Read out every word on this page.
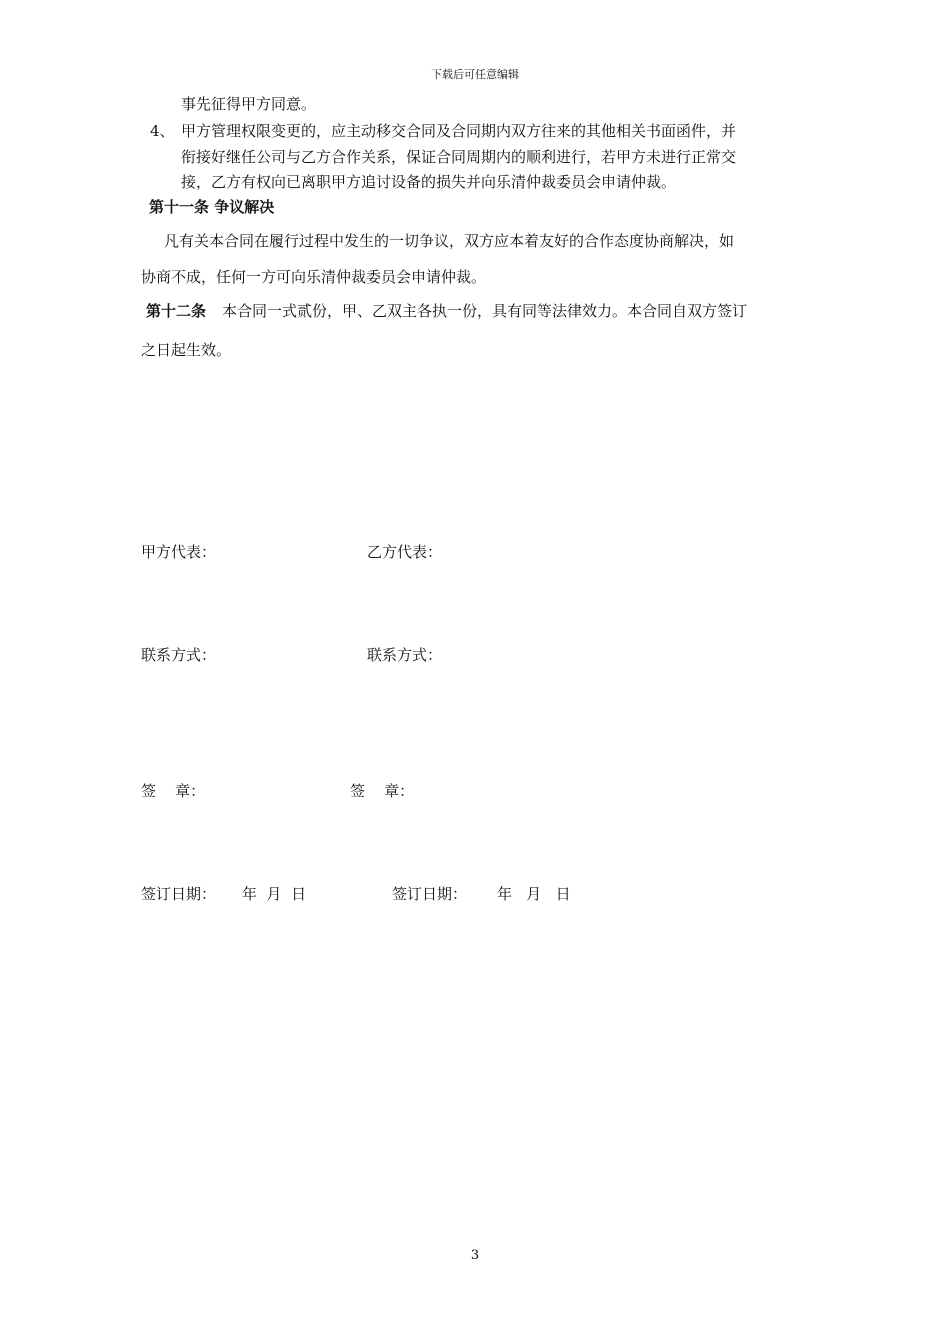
下载后可任意编辑
事先征得甲方同意。
4、 甲方管理权限变更的，应主动移交合同及合同期内双方往来的其他相关书面函件，并
衔接好继任公司与乙方合作关系，保证合同周期内的顺利进行，若甲方未进行正常交
接，乙方有权向已离职甲方追讨设备的损失并向乐清仲裁委员会申请仲裁。
第十一条 争议解决
凡有关本合同在履行过程中发生的一切争议，双方应本着友好的合作态度协商解决，如
协商不成，任何一方可向乐清仲裁委员会申请仲裁。
第十二条 本合同一式贰份，甲、乙双主各执一份，具有同等法律效力。本合同自双方签订
之日起生效。
甲方代表：	乙方代表：
联系方式：	联系方式：
签    章：	签    章：
签订日期： 年  月  日	签订日期： 年   月   日
3
